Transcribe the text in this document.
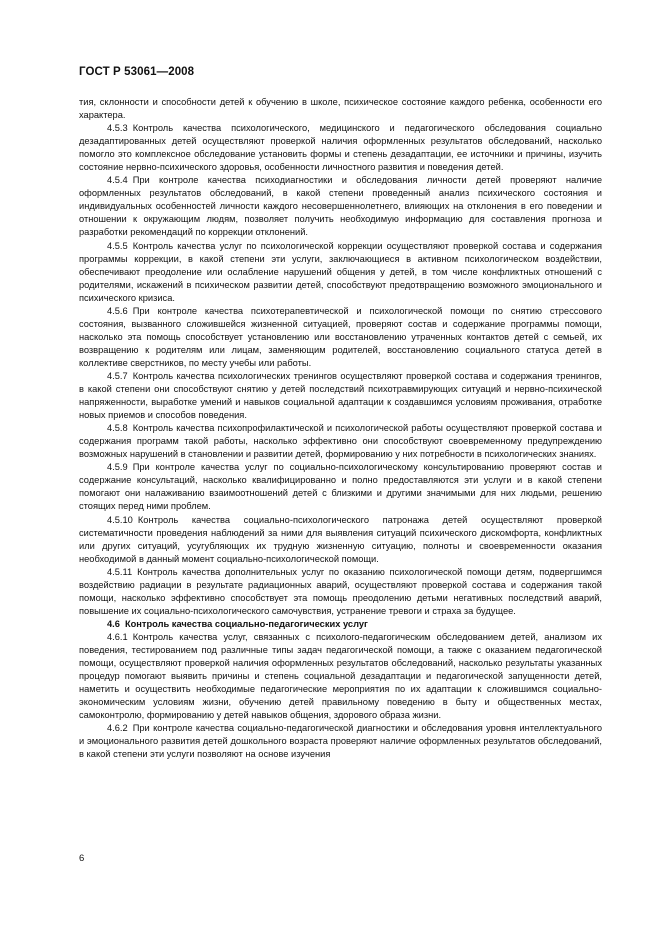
ГОСТ Р 53061—2008

тия, склонности и способности детей к обучению в школе, психическое состояние каждого ребенка, особенности его характера.

4.5.3 Контроль качества психологического, медицинского и педагогического обследования социально дезадаптированных детей осуществляют проверкой наличия оформленных результатов обследований, насколько помогло это комплексное обследование установить формы и степень дезадаптации, ее источники и причины, изучить состояние нервно-психического здоровья, особенности личностного развития и поведения детей.

4.5.4 При контроле качества психодиагностики и обследования личности детей проверяют наличие оформленных результатов обследований, в какой степени проведенный анализ психического состояния и индивидуальных особенностей личности каждого несовершеннолетнего, влияющих на отклонения в его поведении и отношении к окружающим людям, позволяет получить необходимую информацию для составления прогноза и разработки рекомендаций по коррекции отклонений.

4.5.5 Контроль качества услуг по психологической коррекции осуществляют проверкой состава и содержания программы коррекции, в какой степени эти услуги, заключающиеся в активном психологическом воздействии, обеспечивают преодоление или ослабление нарушений общения у детей, в том числе конфликтных отношений с родителями, искажений в психическом развитии детей, способствуют предотвращению возможного эмоционального и психического кризиса.

4.5.6 При контроле качества психотерапевтической и психологической помощи по снятию стрессового состояния, вызванного сложившейся жизненной ситуацией, проверяют состав и содержание программы помощи, насколько эта помощь способствует установлению или восстановлению утраченных контактов детей с семьей, их возвращению к родителям или лицам, заменяющим родителей, восстановлению социального статуса детей в коллективе сверстников, по месту учебы или работы.

4.5.7 Контроль качества психологических тренингов осуществляют проверкой состава и содержания тренингов, в какой степени они способствуют снятию у детей последствий психотравмирующих ситуаций и нервно-психической напряженности, выработке умений и навыков социальной адаптации к создавшимся условиям проживания, отработке новых приемов и способов поведения.

4.5.8 Контроль качества психопрофилактической и психологической работы осуществляют проверкой состава и содержания программ такой работы, насколько эффективно они способствуют своевременному предупреждению возможных нарушений в становлении и развитии детей, формированию у них потребности в психологических знаниях.

4.5.9 При контроле качества услуг по социально-психологическому консультированию проверяют состав и содержание консультаций, насколько квалифицированно и полно предоставляются эти услуги и в какой степени помогают они налаживанию взаимоотношений детей с близкими и другими значимыми для них людьми, решению стоящих перед ними проблем.

4.5.10 Контроль качества социально-психологического патронажа детей осуществляют проверкой систематичности проведения наблюдений за ними для выявления ситуаций психического дискомфорта, конфликтных или других ситуаций, усугубляющих их трудную жизненную ситуацию, полноты и своевременности оказания необходимой в данный момент социально-психологической помощи.

4.5.11 Контроль качества дополнительных услуг по оказанию психологической помощи детям, подвергшимся воздействию радиации в результате радиационных аварий, осуществляют проверкой состава и содержания такой помощи, насколько эффективно способствует эта помощь преодолению детьми негативных последствий аварий, повышение их социально-психологического самочувствия, устранение тревоги и страха за будущее.

4.6 Контроль качества социально-педагогических услуг

4.6.1 Контроль качества услуг, связанных с психолого-педагогическим обследованием детей, анализом их поведения, тестированием под различные типы задач педагогической помощи, а также с оказанием педагогической помощи, осуществляют проверкой наличия оформленных результатов обследований, насколько результаты указанных процедур помогают выявить причины и степень социальной дезадаптации и педагогической запущенности детей, наметить и осуществить необходимые педагогические мероприятия по их адаптации к сложившимся социально-экономическим условиям жизни, обучению детей правильному поведению в быту и общественных местах, самоконтролю, формированию у детей навыков общения, здорового образа жизни.

4.6.2 При контроле качества социально-педагогической диагностики и обследования уровня интеллектуального и эмоционального развития детей дошкольного возраста проверяют наличие оформленных результатов обследований, в какой степени эти услуги позволяют на основе изучения

6
